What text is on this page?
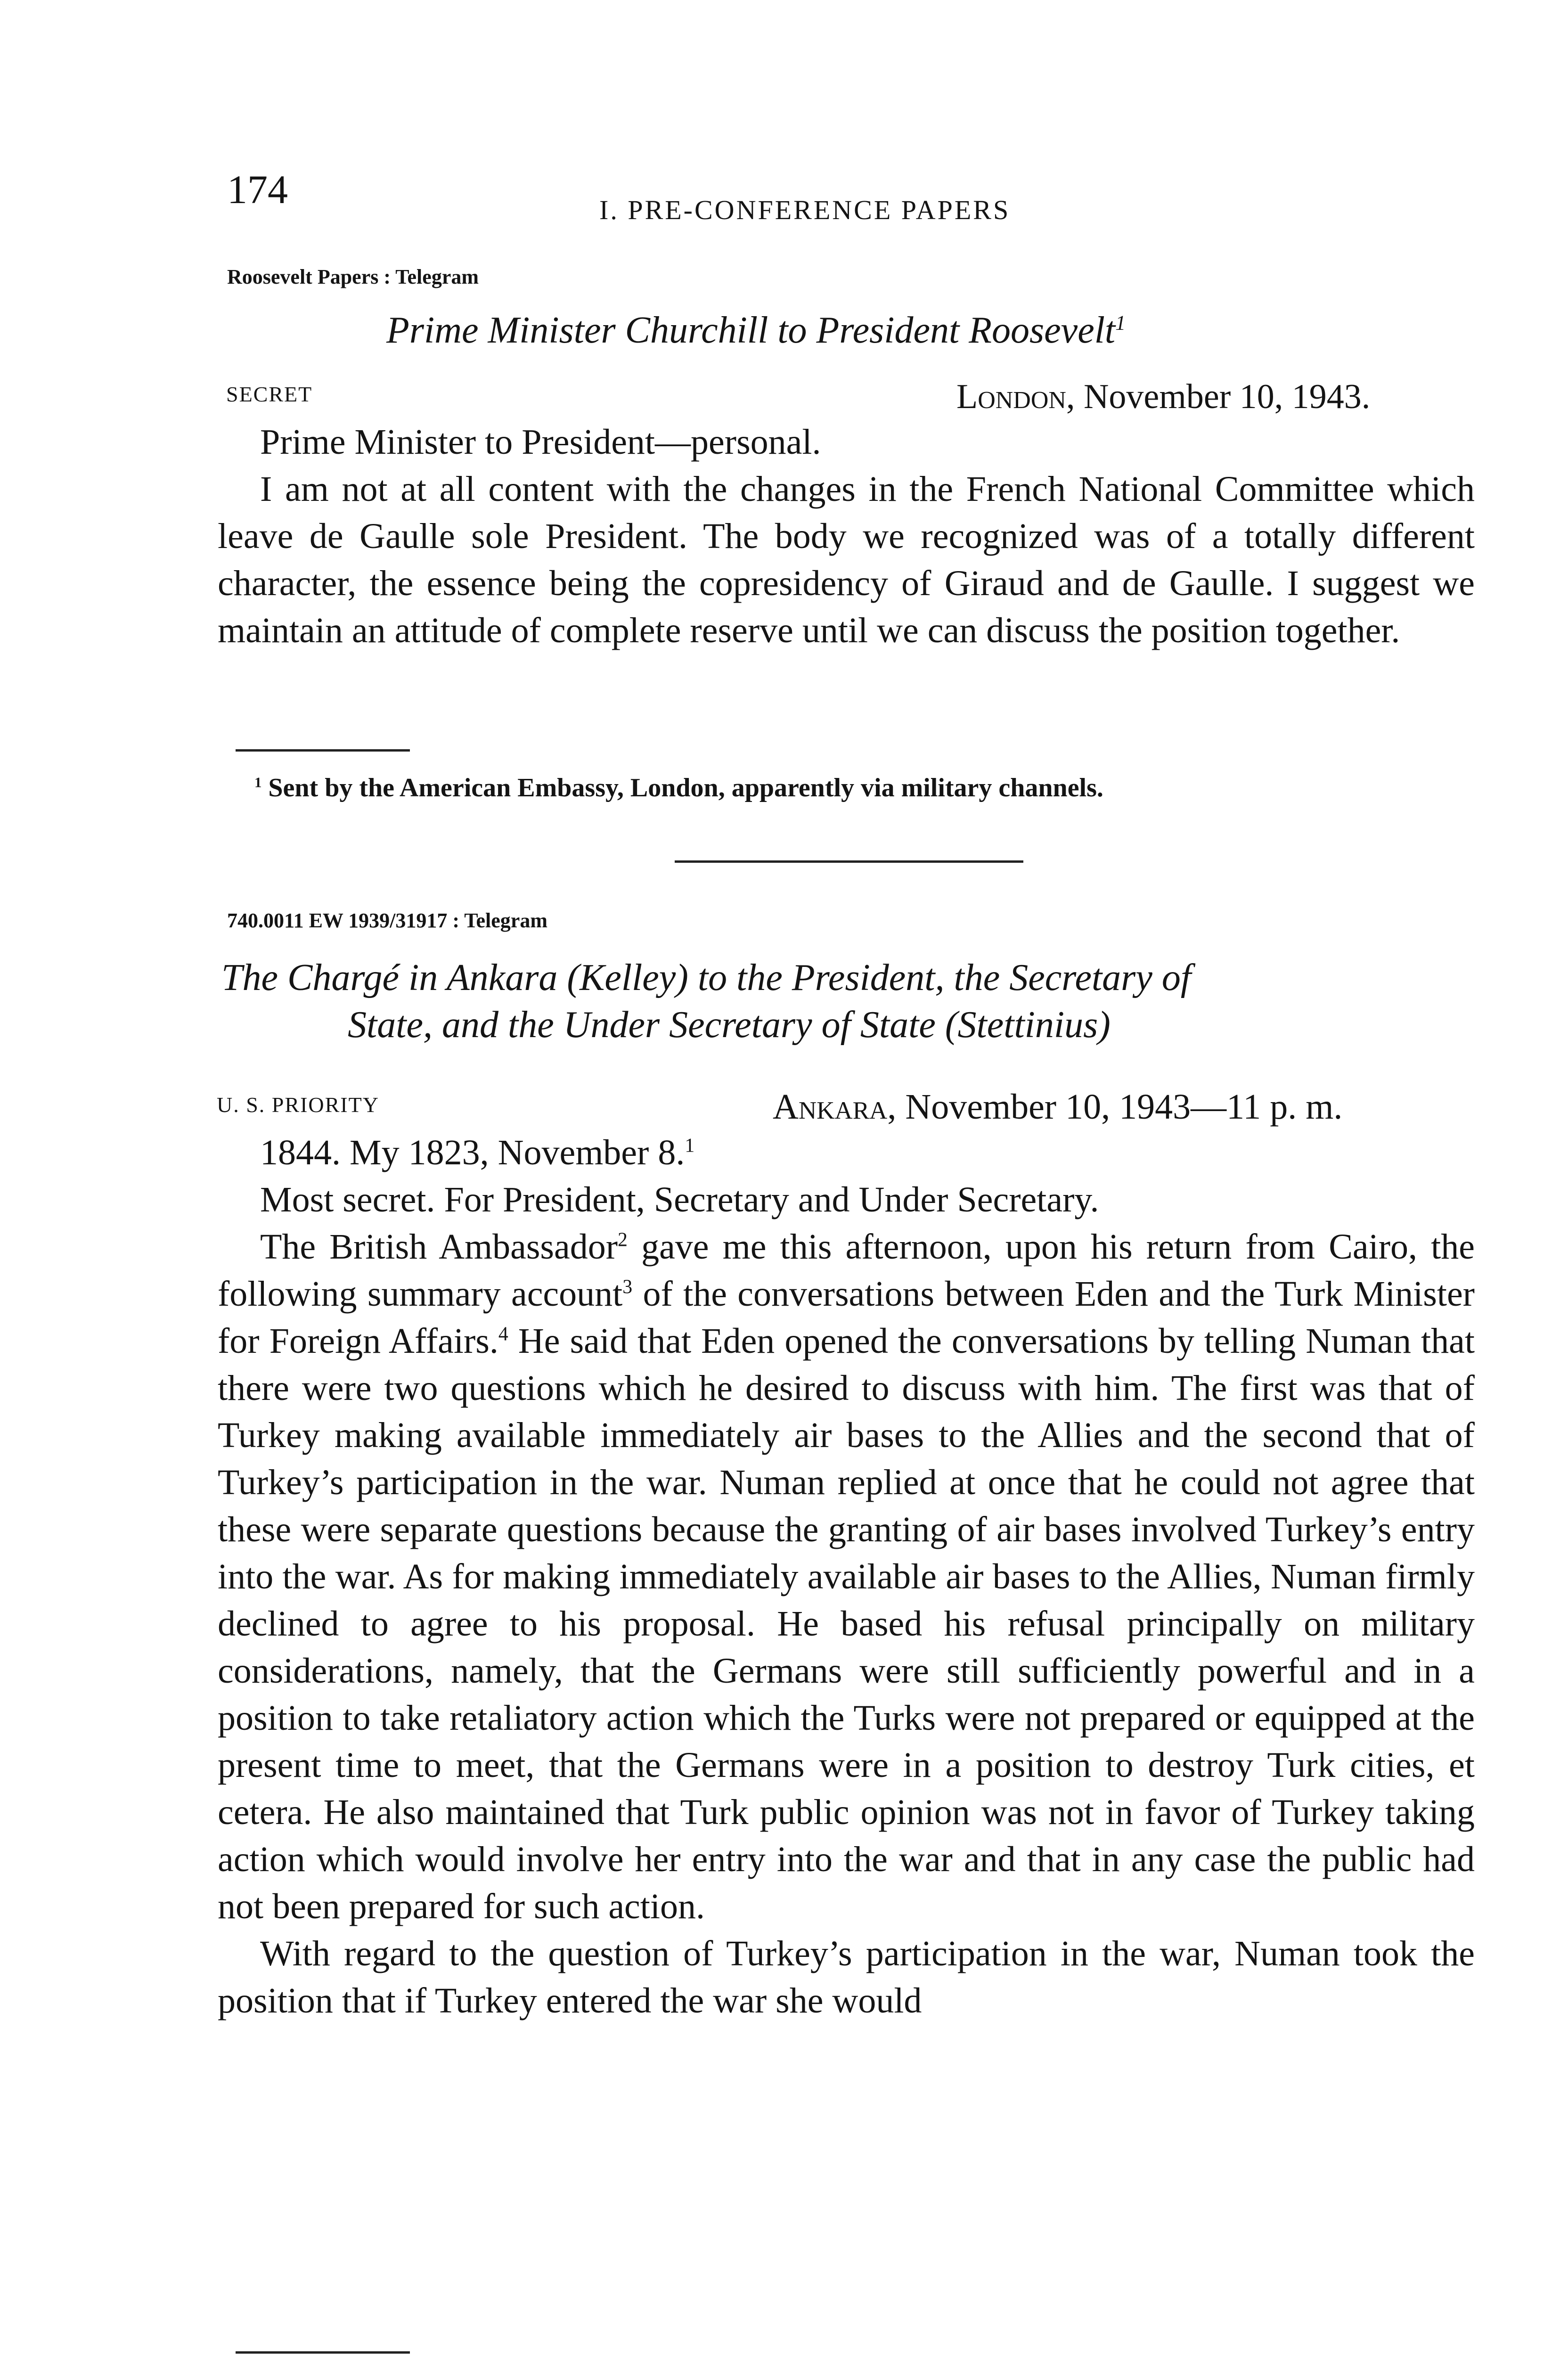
174	I. PRE-CONFERENCE PAPERS
Roosevelt Papers : Telegram
Prime Minister Churchill to President Roosevelt$^1$
SECRET	London, November 10, 1943.

Prime Minister to President—personal.

I am not at all content with the changes in the French National Committee which leave de Gaulle sole President. The body we recognized was of a totally different character, the essence being the copresidency of Giraud and de Gaulle. I suggest we maintain an attitude of complete reserve until we can discuss the position together.

$^1$ Sent by the American Embassy, London, apparently via military channels.
740.0011 EW 1939/31917 : Telegram
The Chargé in Ankara (Kelley) to the President, the Secretary of
State, and the Under Secretary of State (Stettinius)
U. S. PRIORITY	Ankara, November 10, 1943—11 p. m.

1844. My 1823, November 8.$^1$

Most secret. For President, Secretary and Under Secretary.

The British Ambassador$^2$ gave me this afternoon, upon his return from Cairo, the following summary account$^3$ of the conversations between Eden and the Turk Minister for Foreign Affairs.$^4$ He said that Eden opened the conversations by telling Numan that there were two questions which he desired to discuss with him. The first was that of Turkey making available immediately air bases to the Allies and the second that of Turkey’s participation in the war. Numan replied at once that he could not agree that these were separate questions because the granting of air bases involved Turkey’s entry into the war. As for making immediately available air bases to the Allies, Numan firmly declined to agree to his proposal. He based his refusal principally on military considerations, namely, that the Germans were still sufficiently powerful and in a position to take retaliatory action which the Turks were not prepared or equipped at the present time to meet, that the Germans were in a position to destroy Turk cities, et cetera. He also maintained that Turk public opinion was not in favor of Turkey taking action which would involve her entry into the war and that in any case the public had not been prepared for such action.

With regard to the question of Turkey’s participation in the war, Numan took the position that if Turkey entered the war she would
